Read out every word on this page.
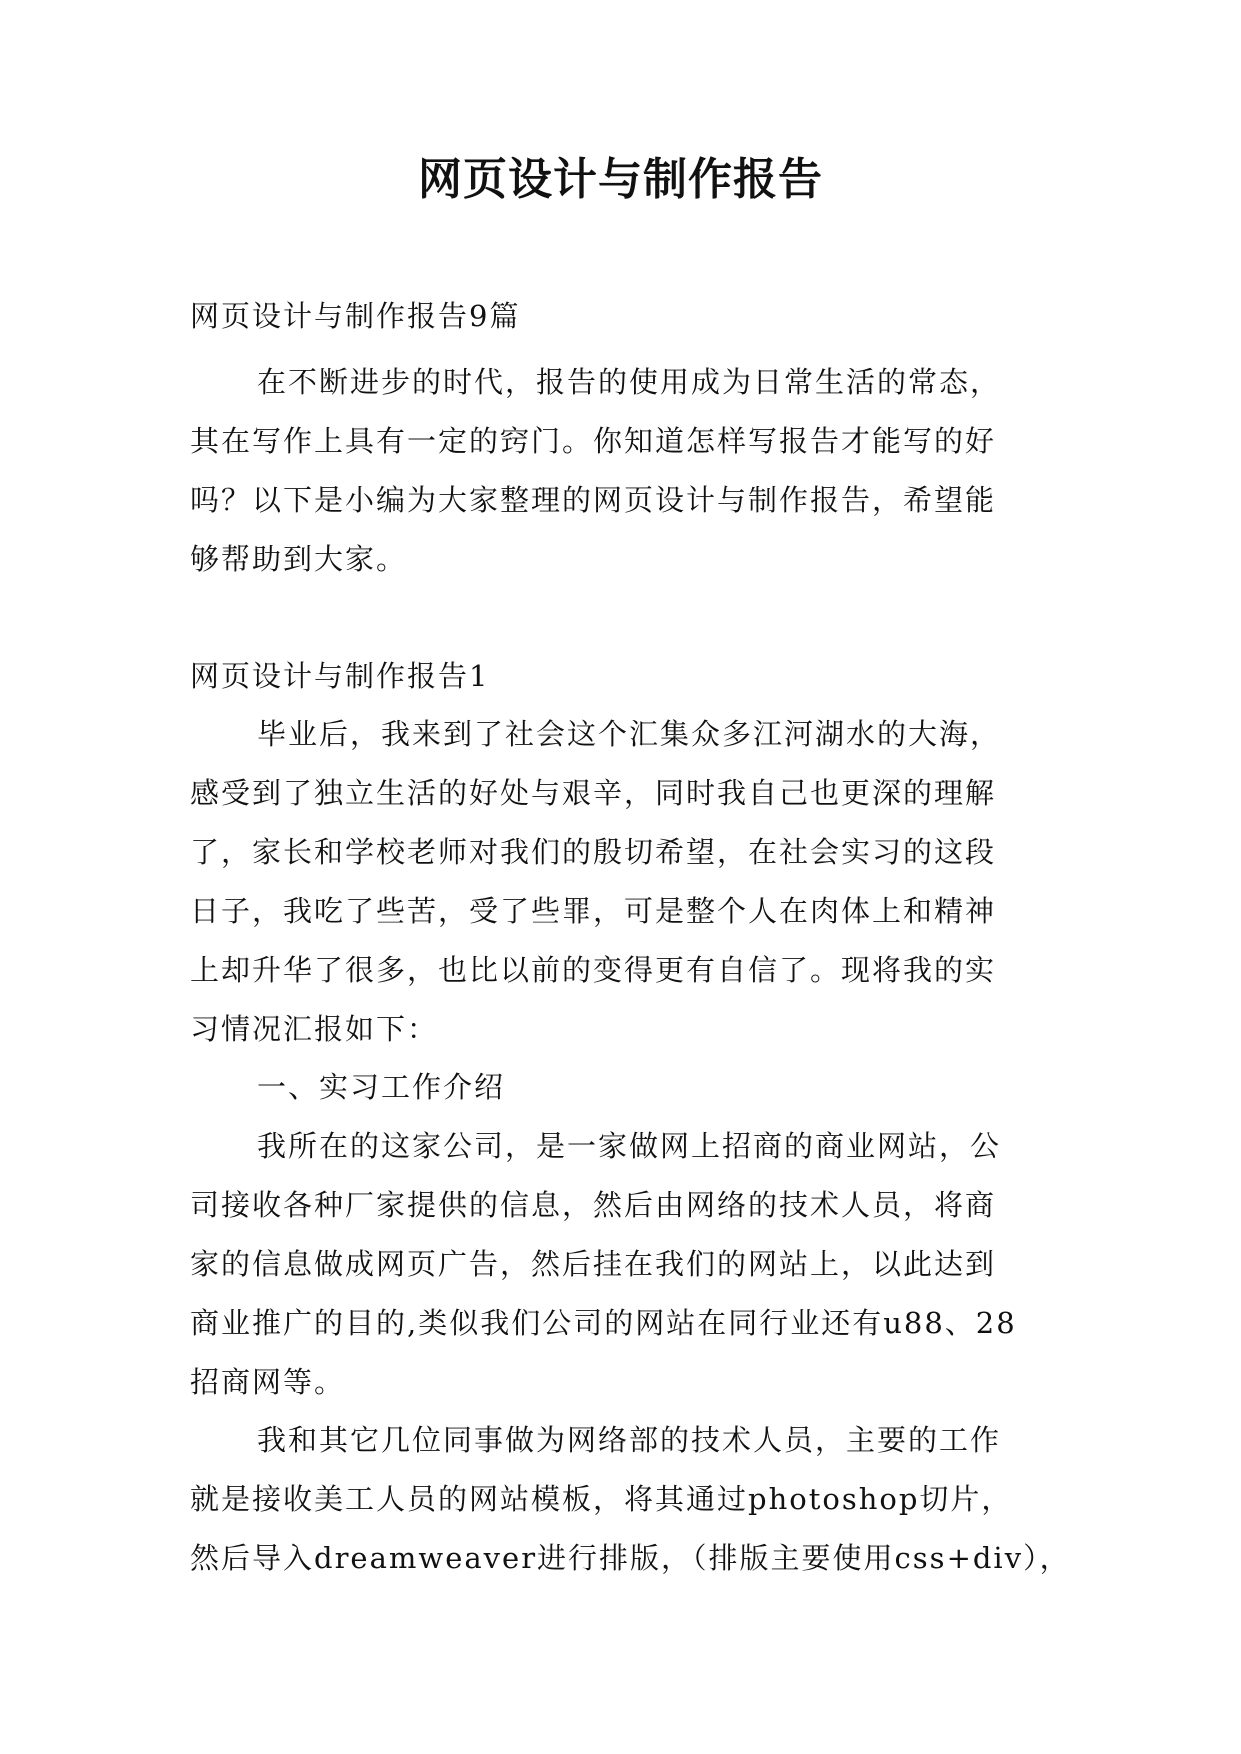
网页设计与制作报告
网页设计与制作报告9篇
在不断进步的时代，报告的使用成为日常生活的常态，
其在写作上具有一定的窍门。你知道怎样写报告才能写的好
吗？以下是小编为大家整理的网页设计与制作报告，希望能
够帮助到大家。
网页设计与制作报告1
毕业后，我来到了社会这个汇集众多江河湖水的大海，
感受到了独立生活的好处与艰辛，同时我自己也更深的理解
了，家长和学校老师对我们的殷切希望，在社会实习的这段
日子，我吃了些苦，受了些罪，可是整个人在肉体上和精神
上却升华了很多，也比以前的变得更有自信了。现将我的实
习情况汇报如下：
一、实习工作介绍
我所在的这家公司，是一家做网上招商的商业网站，公
司接收各种厂家提供的信息，然后由网络的技术人员，将商
家的信息做成网页广告，然后挂在我们的网站上，以此达到
商业推广的目的,类似我们公司的网站在同行业还有u88、28
招商网等。
我和其它几位同事做为网络部的技术人员，主要的工作
就是接收美工人员的网站模板，将其通过photoshop切片，
然后导入dreamweaver进行排版，（排版主要使用css+div），
